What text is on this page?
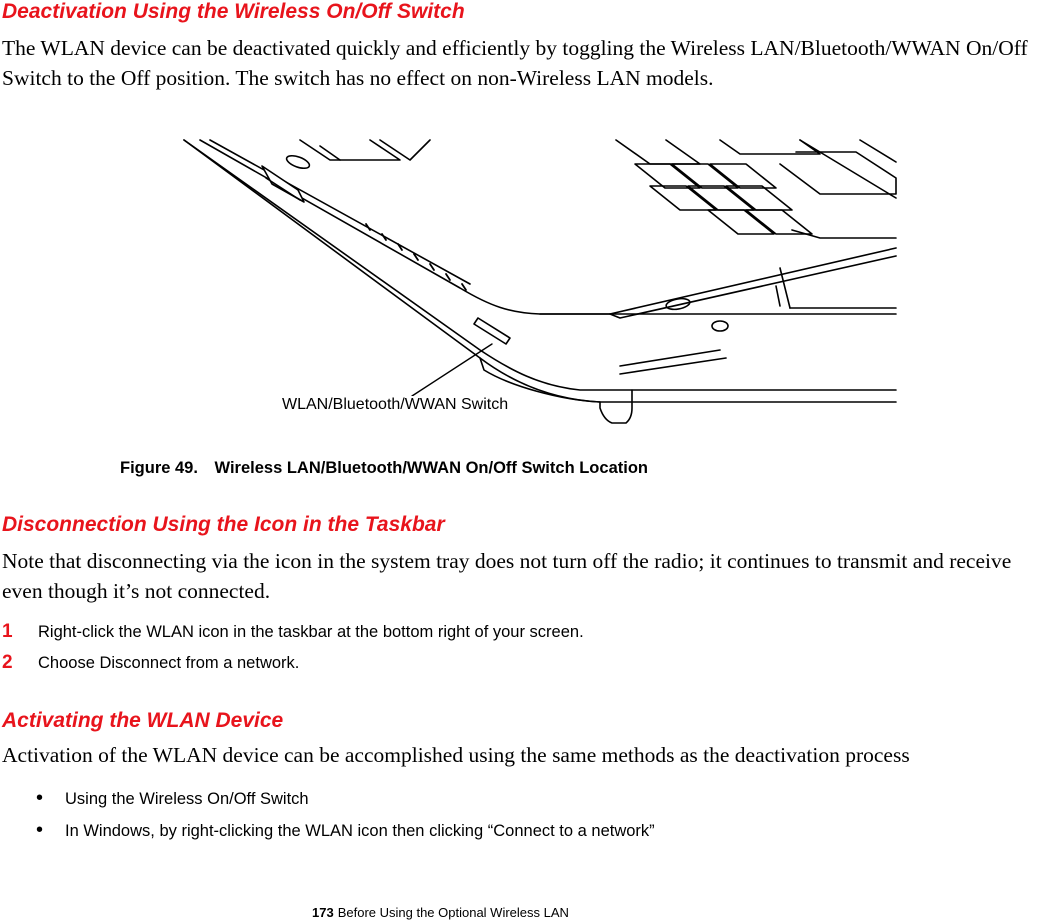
Deactivation Using the Wireless On/Off Switch

The WLAN device can be deactivated quickly and efficiently by toggling the Wireless LAN/Bluetooth/WWAN On/Off Switch to the Off position. The switch has no effect on non-Wireless LAN models.

WLAN/Bluetooth/WWAN Switch
Figure 49. Wireless LAN/Bluetooth/WWAN On/Off Switch Location
Disconnection Using the Icon in the Taskbar

Note that disconnecting via the icon in the system tray does not turn off the radio; it continues to transmit and receive even though it’s not connected.

1 Right-click the WLAN icon in the taskbar at the bottom right of your screen.
2 Choose Disconnect from a network.
Activating the WLAN Device

Activation of the WLAN device can be accomplished using the same methods as the deactivation process

• Using the Wireless On/Off Switch
• In Windows, by right-clicking the WLAN icon then clicking “Connect to a network”
173 Before Using the Optional Wireless LAN
